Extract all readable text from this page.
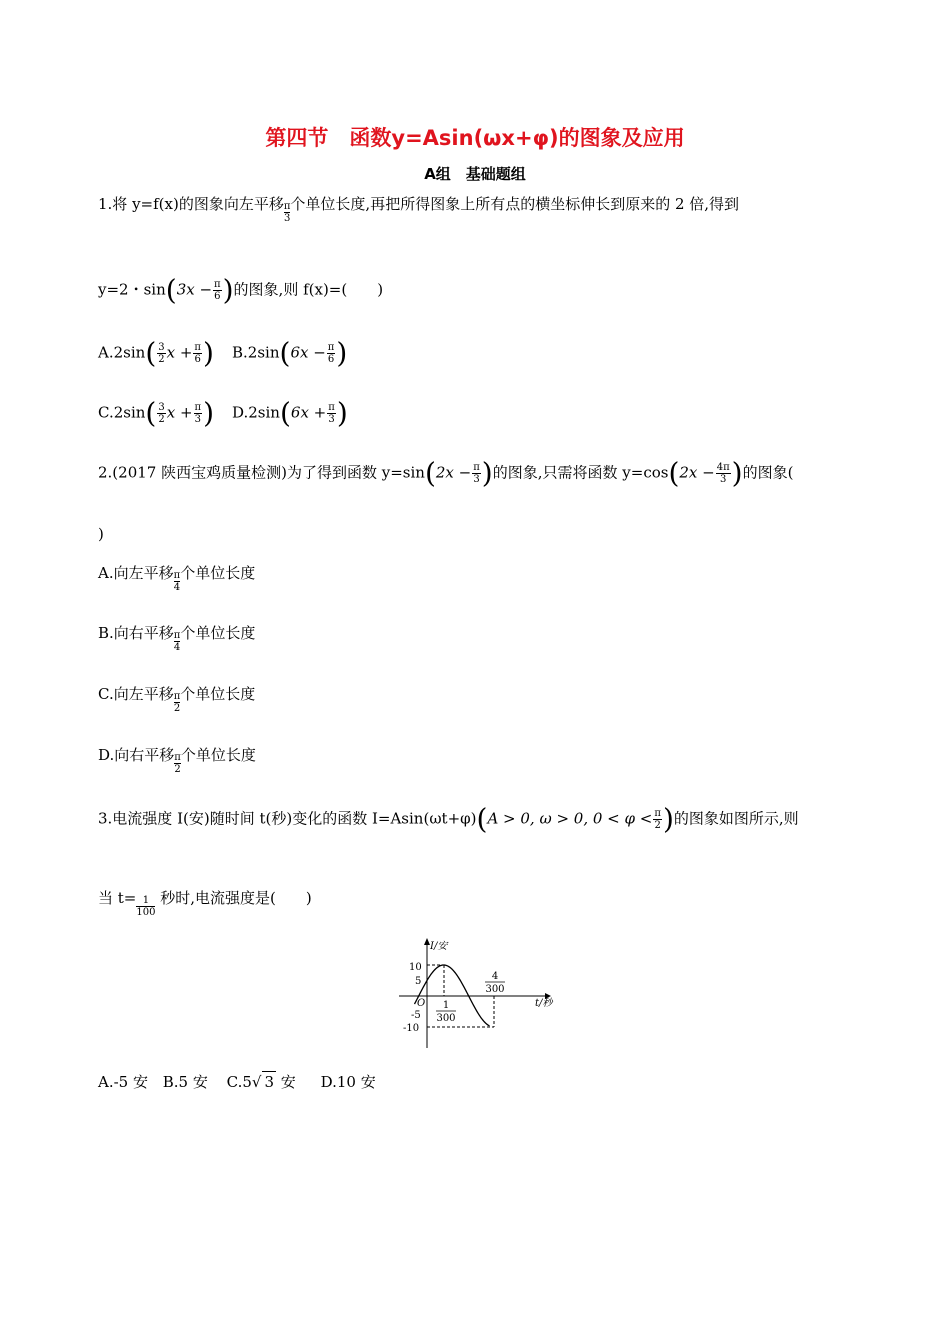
第四节　函数y=Asin(ωx+φ)的图象及应用
A组　基础题组
1.将 y=f(x)的图象向左平移 $\frac{\pi}{3}$ 个单位长度,再把所得图象上所有点的横坐标伸长到原来的 2 倍,得到
y=2・$\sin(3x - \frac{\pi}{6}$ )的图象,则 f(x)=(　　)
$A.2\sin( \frac{3}{2}$ $x + \frac{\pi}{6}$ ) $B.2\sin(6x - \frac{\pi}{6}$ )
$C.2\sin( \frac{3}{2}$ $x + \frac{\pi}{3}$ ) $D.2\sin(6x + \frac{\pi}{3}$ )
2.(2017 陕西宝鸡质量检测)为了得到函数 $y=\sin(2x - \frac{\pi}{3}$ )的图象,只需将函数 $y=\cos(2x - \frac{4\pi}{3}$ )的图象(
)
A.向左平移 $\frac{\pi}{4}$ 个单位长度
B.向右平移 $\frac{\pi}{4}$ 个单位长度
C.向左平移 $\frac{\pi}{2}$ 个单位长度
D.向右平移 $\frac{\pi}{2}$ 个单位长度
3.电流强度 I(安)随时间 t(秒)变化的函数 I=Asin(ωt+φ)(A > 0, ω > 0, $0 < \varphi < \frac{\pi}{2}$ )的图象如图所示,则
当 $t= \frac{1}{100}$ 秒时,电流强度是(　　)
I/安
t/秒
O
10
5
-5
-10
1
300
4
300
A.-5 安 B.5 安 C.5√ 3 安 D.10 安
